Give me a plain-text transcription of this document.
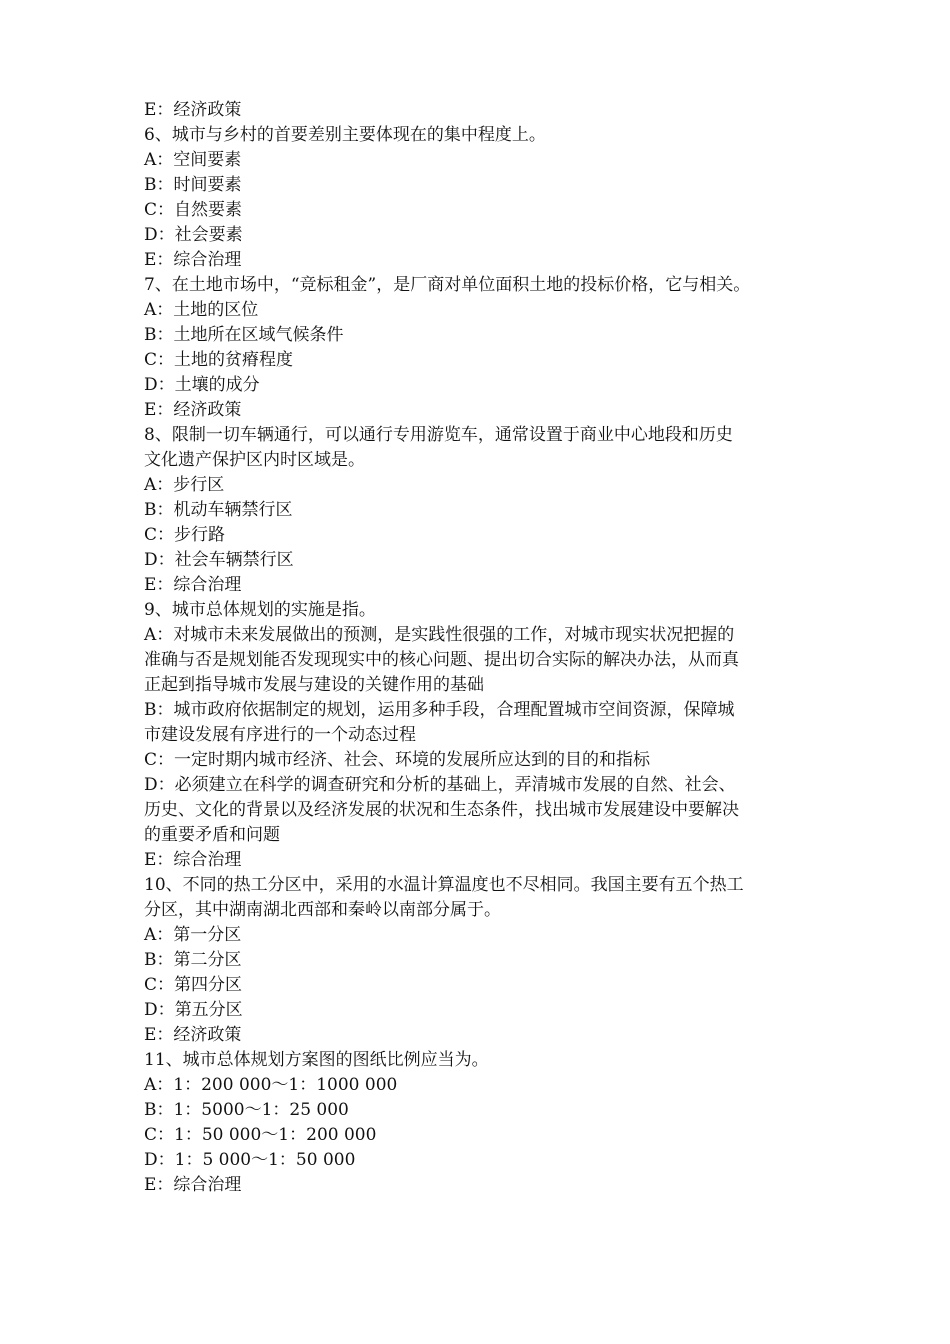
E：经济政策

6、城市与乡村的首要差别主要体现在的集中程度上。

A：空间要素

B：时间要素

C：自然要素

D：社会要素

E：综合治理

7、在土地市场中，“竞标租金”，是厂商对单位面积土地的投标价格，它与相关。

A：土地的区位

B：土地所在区域气候条件

C：土地的贫瘠程度

D：土壤的成分

E：经济政策

8、限制一切车辆通行，可以通行专用游览车，通常设置于商业中心地段和历史

文化遗产保护区内时区域是。

A：步行区

B：机动车辆禁行区

C：步行路

D：社会车辆禁行区

E：综合治理

9、城市总体规划的实施是指。

A：对城市未来发展做出的预测，是实践性很强的工作，对城市现实状况把握的

准确与否是规划能否发现现实中的核心问题、提出切合实际的解决办法，从而真

正起到指导城市发展与建设的关键作用的基础

B：城市政府依据制定的规划，运用多种手段，合理配置城市空间资源，保障城

市建设发展有序进行的一个动态过程

C：一定时期内城市经济、社会、环境的发展所应达到的目的和指标

D：必须建立在科学的调查研究和分析的基础上，弄清城市发展的自然、社会、

历史、文化的背景以及经济发展的状况和生态条件，找出城市发展建设中要解决

的重要矛盾和问题

E：综合治理

10、不同的热工分区中，采用的水温计算温度也不尽相同。我国主要有五个热工

分区，其中湖南湖北西部和秦岭以南部分属于。

A：第一分区

B：第二分区

C：第四分区

D：第五分区

E：经济政策

11、城市总体规划方案图的图纸比例应当为。

A：1：200 000～1：1000 000

B：1：5000～1：25 000

C：1：50 000～1：200 000

D：1：5 000～1：50 000

E：综合治理
